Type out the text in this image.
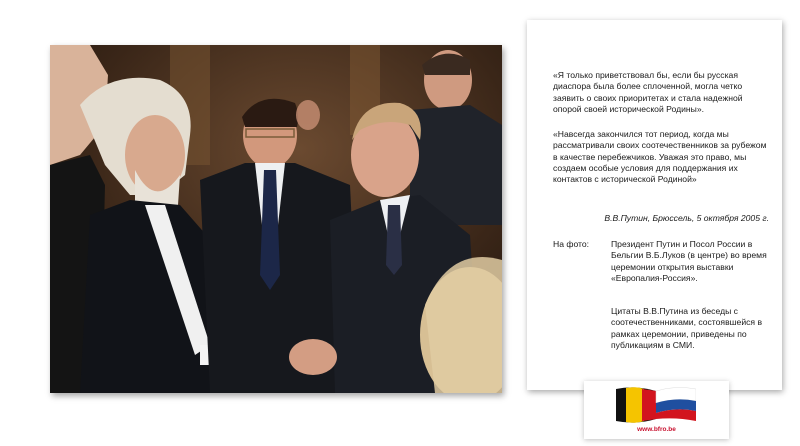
«Я только приветствовал бы, если бы русская диаспора была более сплоченной, могла четко заявить о своих приоритетах и стала надежной опорой своей исторической Родины».

«Навсегда закончился тот период, когда мы рассматривали своих соотечественников за рубежом в качестве перебежчиков. Уважая это право, мы создаем особые условия для поддержания их контактов с исторической Родиной»

В.В.Путин, Брюссель, 5 октября 2005 г.

На фото:	Президент Путин и Посол России в Бельгии В.Б.Луков (в центре) во время церемонии открытия выставки «Европалия-Россия».

Цитаты В.В.Путина из беседы с соотечественниками, состоявшейся в рамках церемонии, приведены по публикациям в СМИ.

www.bfro.be
